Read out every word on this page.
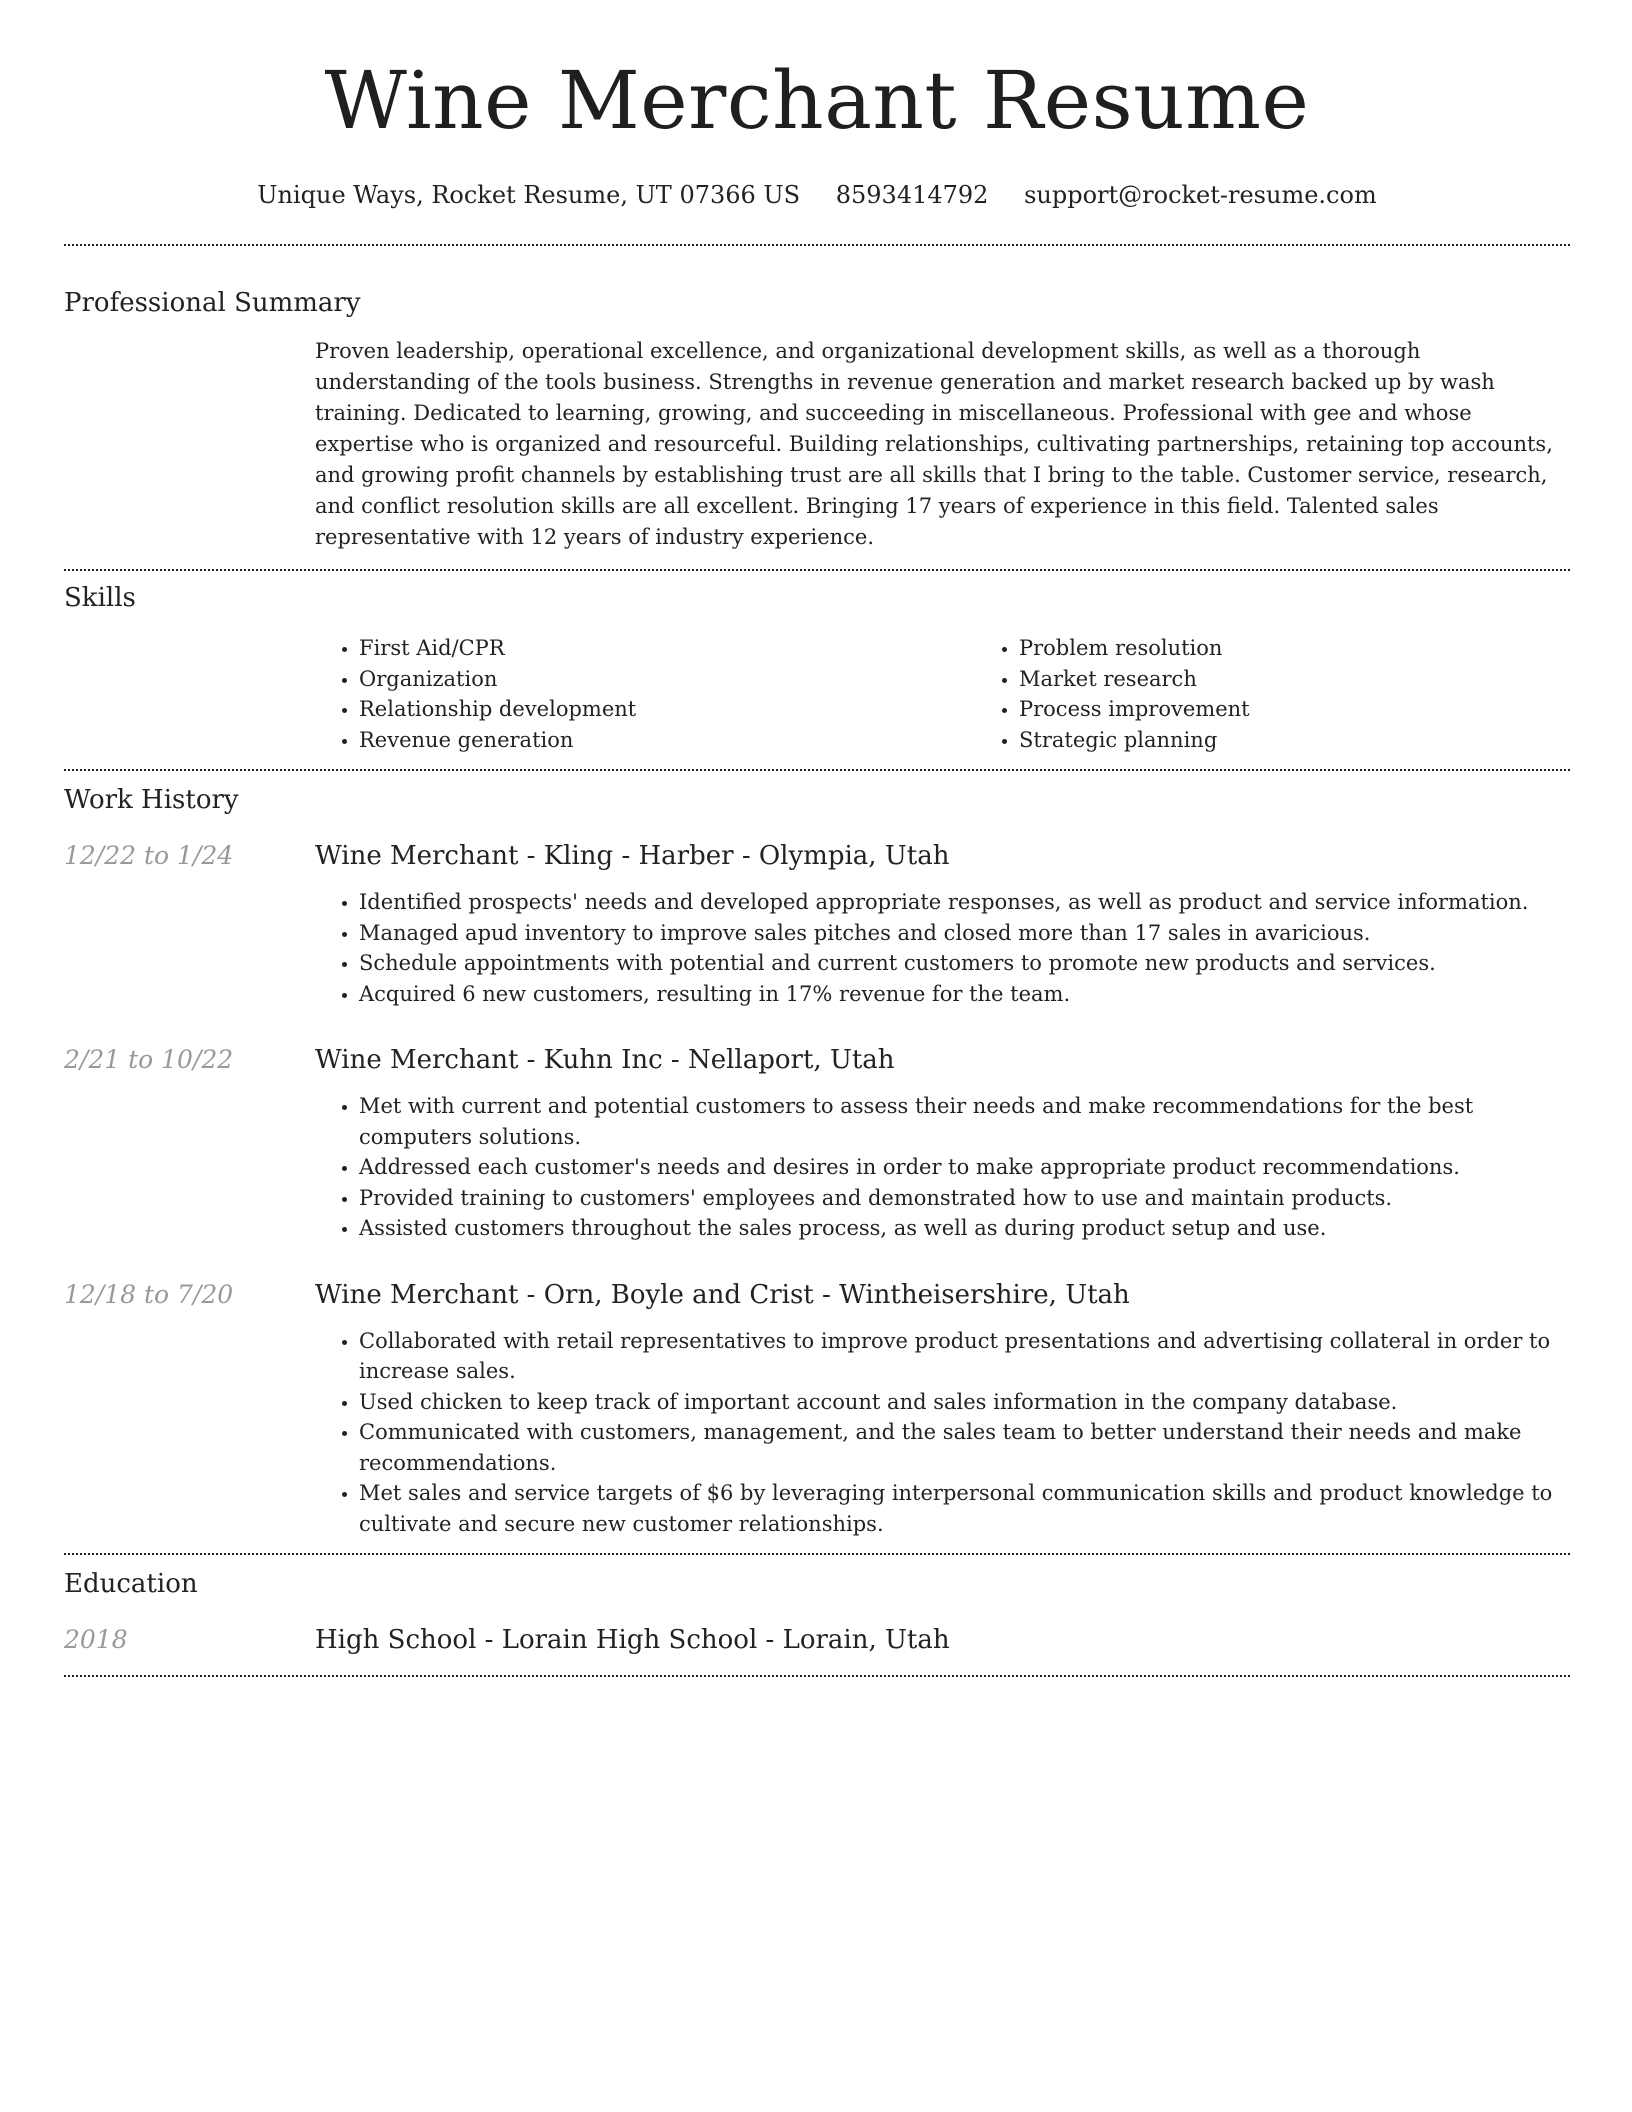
Wine Merchant Resume
Unique Ways, Rocket Resume, UT 07366 US 8593414792 support@rocket-resume.com
Professional Summary

Proven leadership, operational excellence, and organizational development skills, as well as a thorough understanding of the tools business. Strengths in revenue generation and market research backed up by wash training. Dedicated to learning, growing, and succeeding in miscellaneous. Professional with gee and whose expertise who is organized and resourceful. Building relationships, cultivating partnerships, retaining top accounts, and growing profit channels by establishing trust are all skills that I bring to the table. Customer service, research, and conflict resolution skills are all excellent. Bringing 17 years of experience in this field. Talented sales representative with 12 years of industry experience.

Skills
• First Aid/CPR
• Organization
• Relationship development
• Revenue generation
• Problem resolution
• Market research
• Process improvement
• Strategic planning
Work History
12/22 to 1/24	Wine Merchant - Kling - Harber - Olympia, Utah
• Identified prospects' needs and developed appropriate responses, as well as product and service information.
• Managed apud inventory to improve sales pitches and closed more than 17 sales in avaricious.
• Schedule appointments with potential and current customers to promote new products and services.
• Acquired 6 new customers, resulting in 17% revenue for the team.
2/21 to 10/22	Wine Merchant - Kuhn Inc - Nellaport, Utah
• Met with current and potential customers to assess their needs and make recommendations for the best computers solutions.
• Addressed each customer's needs and desires in order to make appropriate product recommendations.
• Provided training to customers' employees and demonstrated how to use and maintain products.
• Assisted customers throughout the sales process, as well as during product setup and use.
12/18 to 7/20	Wine Merchant - Orn, Boyle and Crist - Wintheisershire, Utah
• Collaborated with retail representatives to improve product presentations and advertising collateral in order to increase sales.
• Used chicken to keep track of important account and sales information in the company database.
• Communicated with customers, management, and the sales team to better understand their needs and make recommendations.
• Met sales and service targets of $6 by leveraging interpersonal communication skills and product knowledge to cultivate and secure new customer relationships.
Education
2018	High School - Lorain High School - Lorain, Utah
